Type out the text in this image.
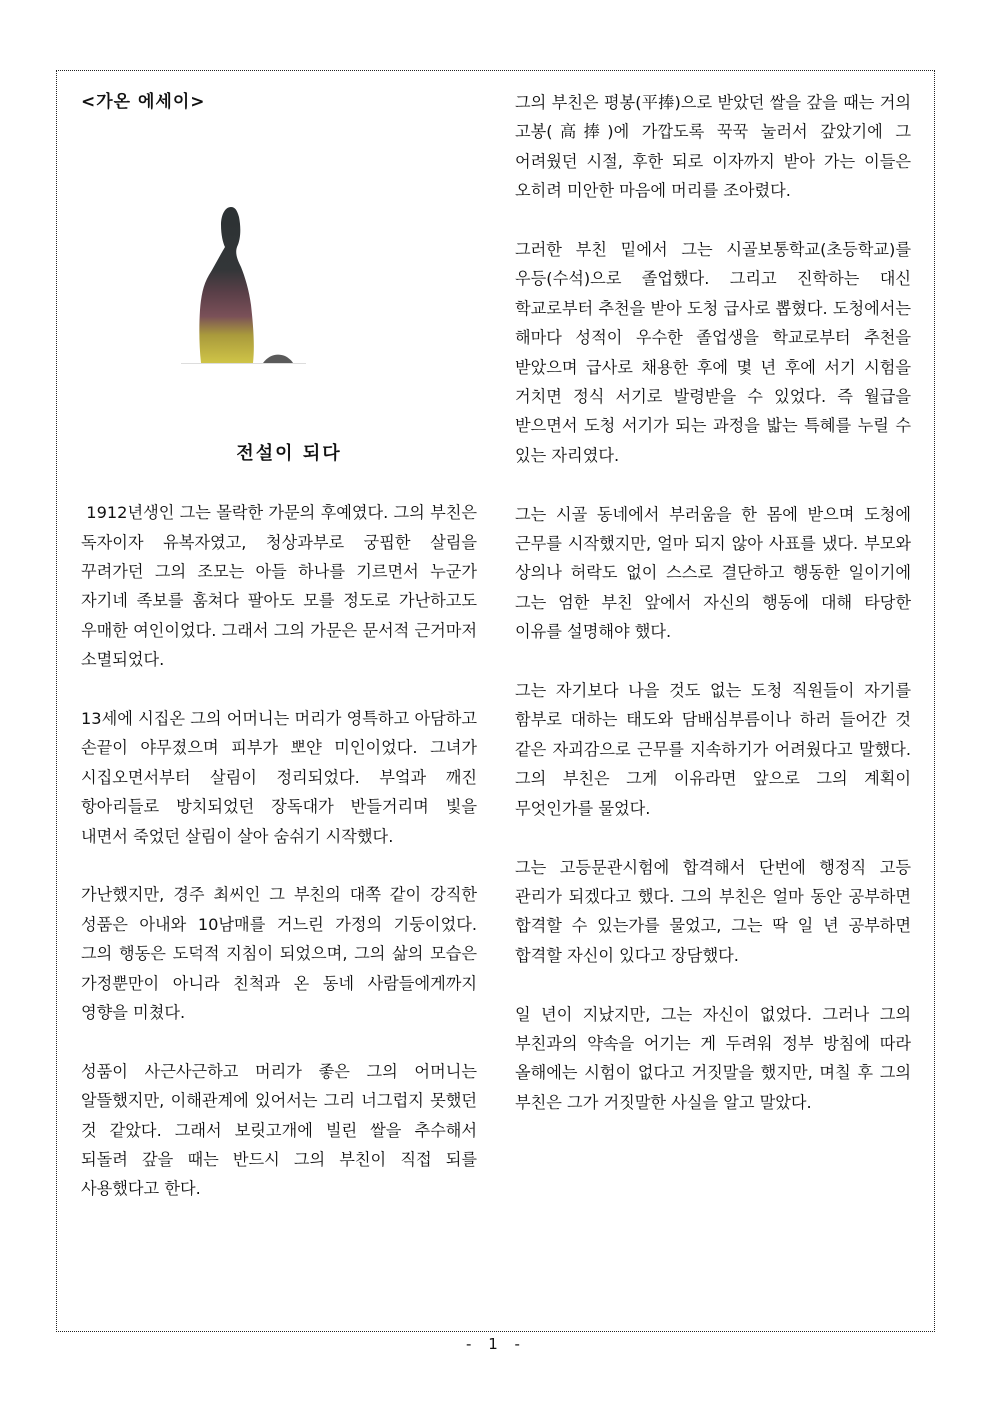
<가온 에세이>
전설이 되다

1912년생인 그는 몰락한 가문의 후예였다. 그의 부친은 독자이자 유복자였고, 청상과부로 궁핍한 살림을 꾸려가던 그의 조모는 아들 하나를 기르면서 누군가 자기네 족보를 훔쳐다 팔아도 모를 정도로 가난하고도 우매한 여인이었다. 그래서 그의 가문은 문서적 근거마저 소멸되었다.

13세에 시집온 그의 어머니는 머리가 영특하고 아담하고 손끝이 야무졌으며 피부가 뽀얀 미인이었다. 그녀가 시집오면서부터 살림이 정리되었다. 부엌과 깨진 항아리들로 방치되었던 장독대가 반들거리며 빛을 내면서 죽었던 살림이 살아 숨쉬기 시작했다.

가난했지만, 경주 최씨인 그 부친의 대쪽 같이 강직한 성품은 아내와 10남매를 거느린 가정의 기둥이었다. 그의 행동은 도덕적 지침이 되었으며, 그의 삶의 모습은 가정뿐만이 아니라 친척과 온 동네 사람들에게까지 영향을 미쳤다.

성품이 사근사근하고 머리가 좋은 그의 어머니는 알뜰했지만, 이해관계에 있어서는 그리 너그럽지 못했던 것 같았다. 그래서 보릿고개에 빌린 쌀을 추수해서 되돌려 갚을 때는 반드시 그의 부친이 직접 되를 사용했다고 한다.

그의 부친은 평봉(平捧)으로 받았던 쌀을 갚을 때는 거의 고봉(高捧)에 가깝도록 꾹꾹 눌러서 갚았기에 그 어려웠던 시절, 후한 되로 이자까지 받아 가는 이들은 오히려 미안한 마음에 머리를 조아렸다.

그러한 부친 밑에서 그는 시골보통학교(초등학교)를 우등(수석)으로 졸업했다. 그리고 진학하는 대신 학교로부터 추천을 받아 도청 급사로 뽑혔다. 도청에서는 해마다 성적이 우수한 졸업생을 학교로부터 추천을 받았으며 급사로 채용한 후에 몇 년 후에 서기 시험을 거치면 정식 서기로 발령받을 수 있었다. 즉 월급을 받으면서 도청 서기가 되는 과정을 밟는 특혜를 누릴 수 있는 자리였다.

그는 시골 동네에서 부러움을 한 몸에 받으며 도청에 근무를 시작했지만, 얼마 되지 않아 사표를 냈다. 부모와 상의나 허락도 없이 스스로 결단하고 행동한 일이기에 그는 엄한 부친 앞에서 자신의 행동에 대해 타당한 이유를 설명해야 했다.

그는 자기보다 나을 것도 없는 도청 직원들이 자기를 함부로 대하는 태도와 담배심부름이나 하러 들어간 것 같은 자괴감으로 근무를 지속하기가 어려웠다고 말했다. 그의 부친은 그게 이유라면 앞으로 그의 계획이 무엇인가를 물었다.

그는 고등문관시험에 합격해서 단번에 행정직 고등 관리가 되겠다고 했다. 그의 부친은 얼마 동안 공부하면 합격할 수 있는가를 물었고, 그는 딱 일 년 공부하면 합격할 자신이 있다고 장담했다.

일 년이 지났지만, 그는 자신이 없었다. 그러나 그의 부친과의 약속을 어기는 게 두려워 정부 방침에 따라 올해에는 시험이 없다고 거짓말을 했지만, 며칠 후 그의 부친은 그가 거짓말한 사실을 알고 말았다.

- 1 -
